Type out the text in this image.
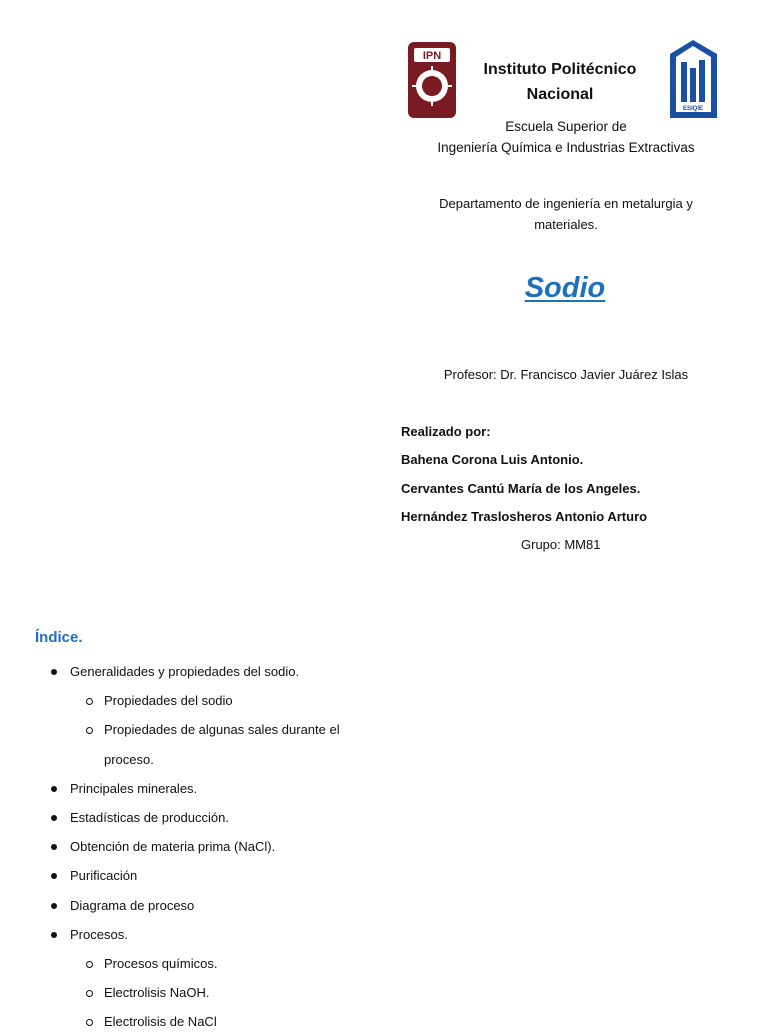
IPN
ESIQIE
Instituto Politécnico Nacional
Escuela Superior de
Ingeniería Química e Industrias Extractivas
Departamento de ingeniería en metalurgia y materiales.
Sodio
Profesor: Dr. Francisco Javier Juárez Islas
Realizado por:
Bahena Corona Luis Antonio.
Cervantes Cantú María de los Angeles.
Hernández Traslosheros Antonio Arturo
Grupo: MM81
Índice.
Generalidades y propiedades del sodio.
Propiedades del sodio
Propiedades de algunas sales durante el
proceso.
Principales minerales.
Estadísticas de producción.
Obtención de materia prima (NaCl).
Purificación
Diagrama de proceso
Procesos.
Procesos químicos.
Electrolisis NaOH.
Electrolisis de NaCl
